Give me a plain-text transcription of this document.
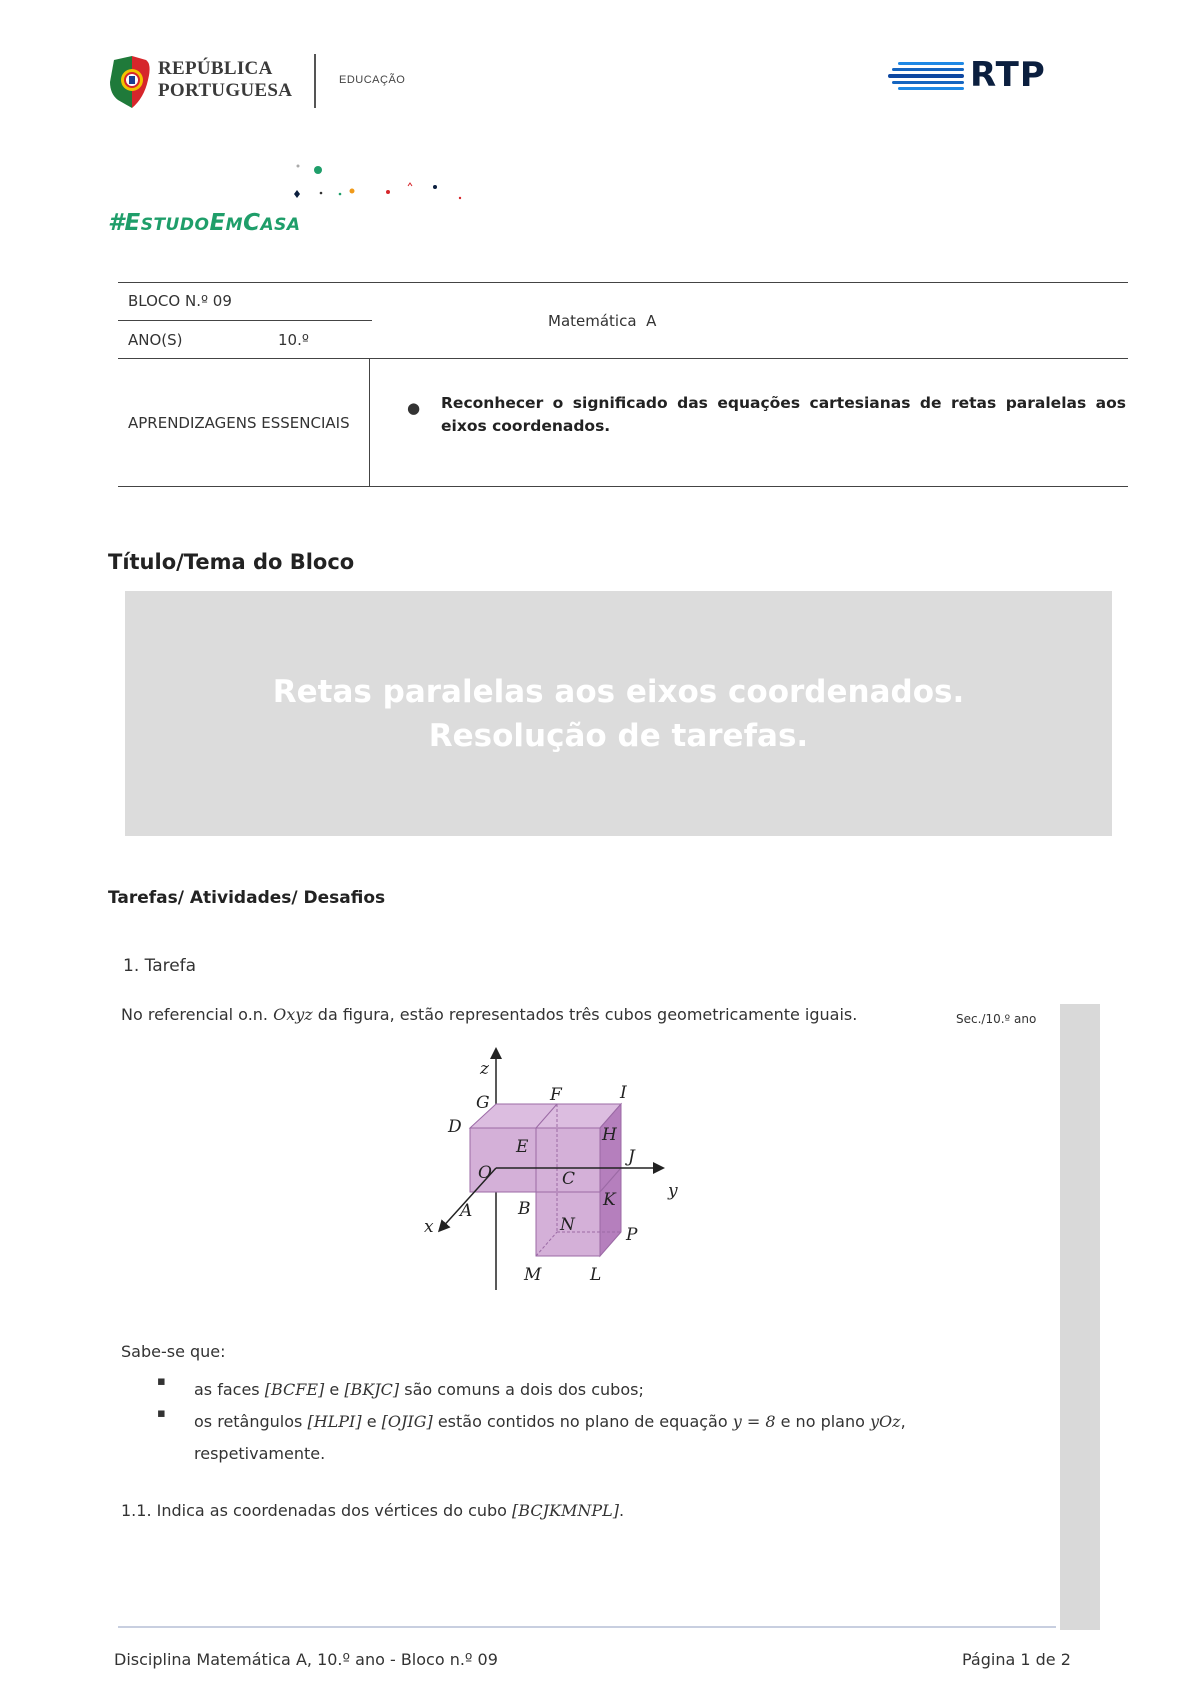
REPÚBLICA
PORTUGUESA	EDUCAÇÃO	RTP
#ESTUDOEMCASA
BLOCO N.º 09
ANO(S)	10.º
Matemática  A
APRENDIZAGENS ESSENCIAIS
● Reconhecer o significado das equações cartesianas de retas paralelas aos eixos coordenados.
Título/Tema do Bloco
Retas paralelas aos eixos coordenados.
Resolução de tarefas.
Tarefas/ Atividades/ Desafios
1. Tarefa
No referencial o.n. Oxyz da figura, estão representados três cubos geometricamente iguais.	Sec./10.º ano
z
y
x
O
A	B
C
D
E
F
G
H
I
J
K
L
M
N	P
Sabe-se que:
▪ as faces [BCFE] e [BKJC] são comuns a dois dos cubos;
▪ os retângulos [HLPI] e [OJIG] estão contidos no plano de equação y = 8 e no plano yOz,
respetivamente.
1.1. Indica as coordenadas dos vértices do cubo [BCJKMNPL].
Disciplina Matemática A, 10.º ano - Bloco n.º 09	Página 1 de 2
